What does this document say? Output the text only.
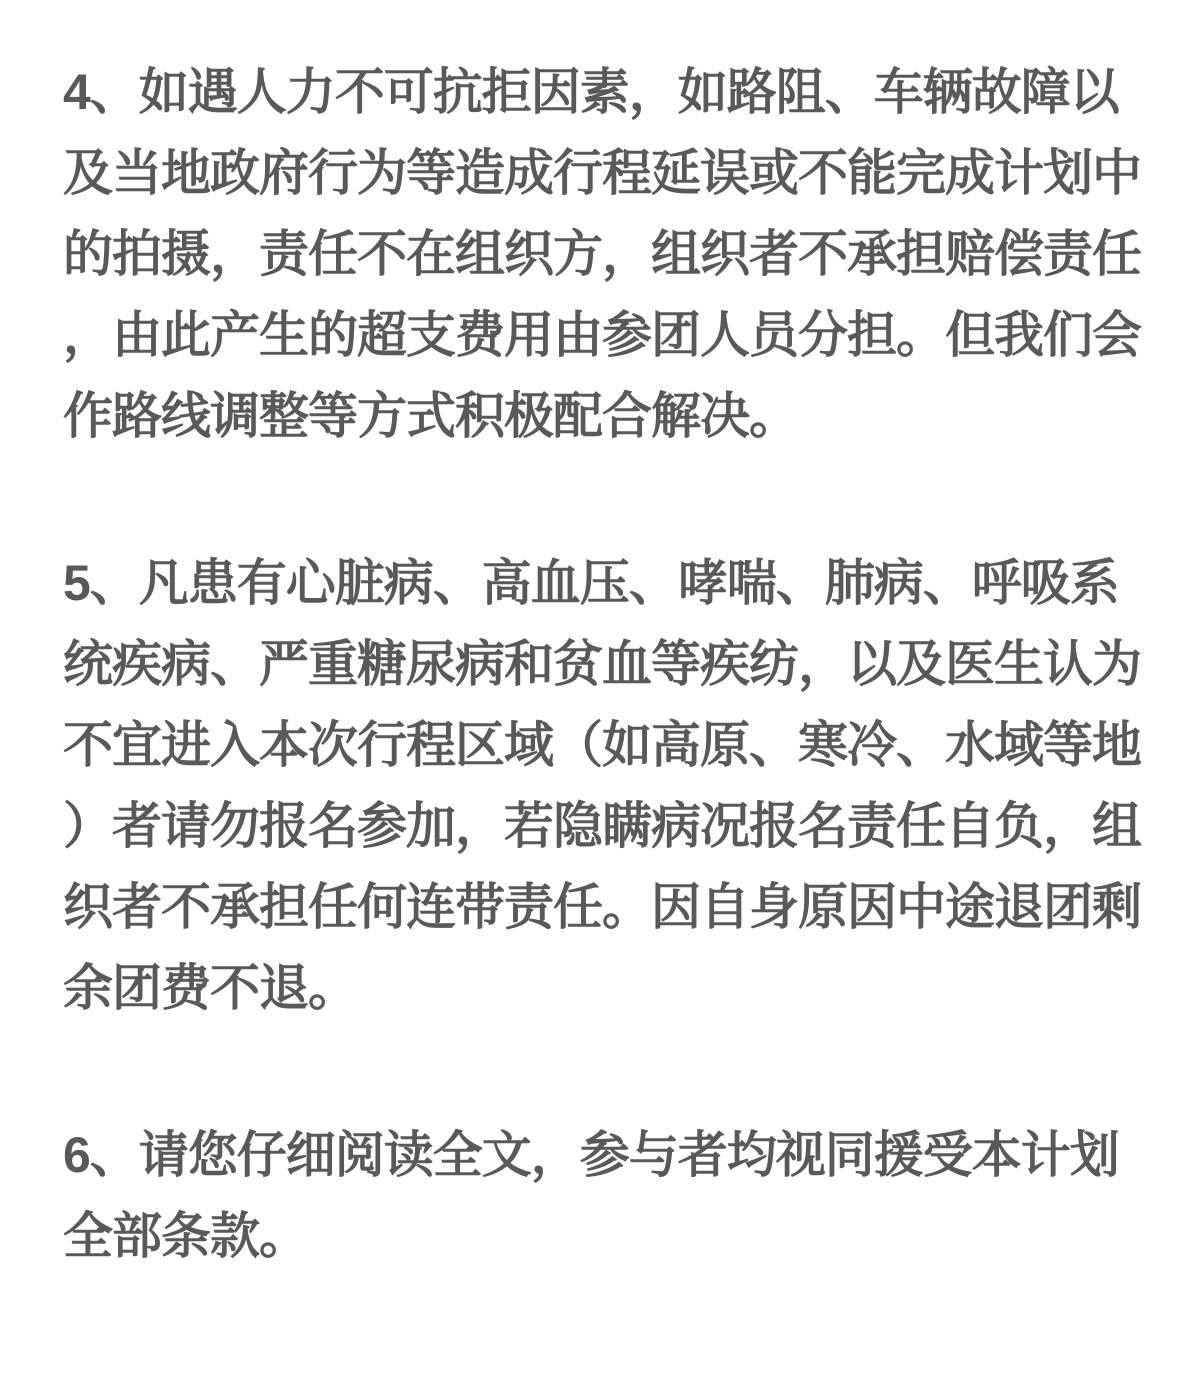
4、如遇人力不可抗拒因素，如路阻、车辆故障以
及当地政府行为等造成行程延误或不能完成计划中
的拍摄，责任不在组织方，组织者不承担赔偿责任
，由此产生的超支费用由参团人员分担。但我们会
作路线调整等方式积极配合解决。
5、凡患有心脏病、高血压、哮喘、肺病、呼吸系
统疾病、严重糖尿病和贫血等疾纺，以及医生认为
不宜进入本次行程区域（如高原、寒冷、水域等地
）者请勿报名参加，若隐瞒病况报名责任自负，组
织者不承担任何连带责任。因自身原因中途退团剩
余团费不退。
6、请您仔细阅读全文，参与者均视同援受本计划
全部条款。
